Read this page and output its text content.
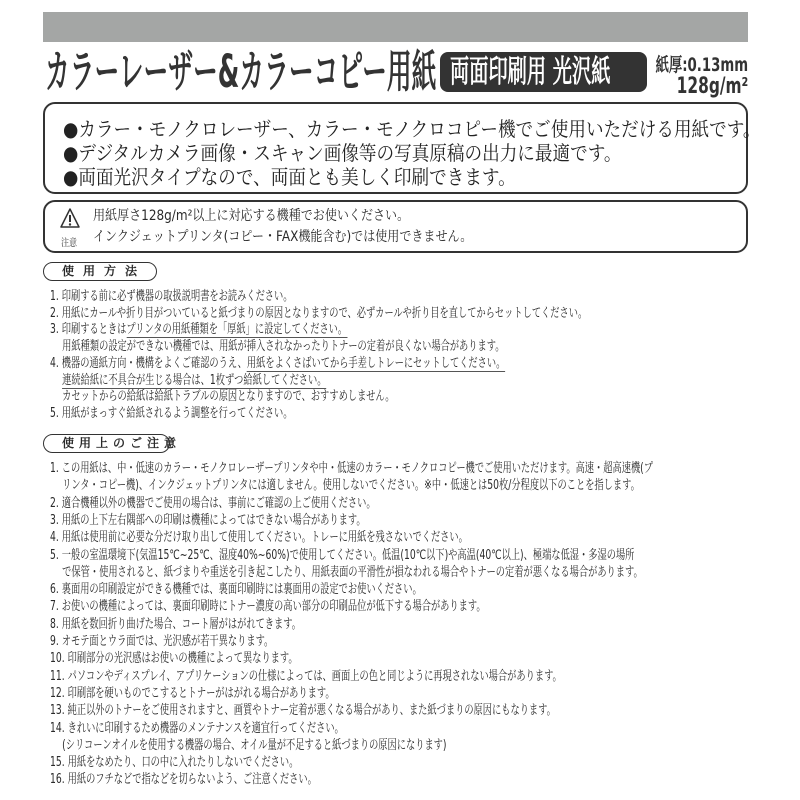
カラーレーザー&カラーコピー用紙 両面印刷用 光沢紙 紙厚:0.13mm
128g/m²
●カラー・モノクロレーザー、カラー・モノクロコピー機でご使用いただける用紙です。
●デジタルカメラ画像・スキャン画像等の写真原稿の出力に最適です。
●両面光沢タイプなので、両面とも美しく印刷できます。
注意
用紙厚さ128g/m²以上に対応する機種でお使いください。
インクジェットプリンタ(コピー・FAX機能含む)では使用できません。
使用方法
1. 印刷する前に必ず機器の取扱説明書をお読みください。
2. 用紙にカールや折り目がついていると紙づまりの原因となりますので、必ずカールや折り目を直してからセットしてください。
3. 印刷するときはプリンタの用紙種類を「厚紙」に設定してください。
　 用紙種類の設定ができない機種では、用紙が挿入されなかったりトナーの定着が良くない場合があります。
4. 機器の通紙方向・機構をよくご確認のうえ、用紙をよくさばいてから手差しトレーにセットしてください。
　 連続給紙に不具合が生じる場合は、1枚ずつ給紙してください。
　 カセットからの給紙は給紙トラブルの原因となりますので、おすすめしません。
5. 用紙がまっすぐ給紙されるよう調整を行ってください。
使用上のご注意
1. この用紙は、中・低速のカラー・モノクロレーザープリンタや中・低速のカラー・モノクロコピー機でご使用いただけます。高速・超高速機(プ
　 リンタ・コピー機)、インクジェットプリンタには適しません。使用しないでください。※中・低速とは50枚/分程度以下のことを指します。
2. 適合機種以外の機器でご使用の場合は、事前にご確認の上ご使用ください。
3. 用紙の上下左右隅部への印刷は機種によってはできない場合があります。
4. 用紙は使用前に必要な分だけ取り出して使用してください。トレーに用紙を残さないでください。
5. 一般の室温環境下(気温15℃~25℃、湿度40%~60%)で使用してください。低温(10℃以下)や高温(40℃以上)、極端な低湿・多湿の場所
　 で保管・使用されると、紙づまりや重送を引き起こしたり、用紙表面の平滑性が損なわれる場合やトナーの定着が悪くなる場合があります。
6. 裏面用の印刷設定ができる機種では、裏面印刷時には裏面用の設定でお使いください。
7. お使いの機種によっては、裏面印刷時にトナー濃度の高い部分の印刷品位が低下する場合があります。
8. 用紙を数回折り曲げた場合、コート層がはがれてきます。
9. オモテ面とウラ面では、光沢感が若干異なります。
10. 印刷部分の光沢感はお使いの機種によって異なります。
11. パソコンやディスプレイ、アプリケーションの仕様によっては、画面上の色と同じように再現されない場合があります。
12. 印刷部を硬いものでこするとトナーがはがれる場合があります。
13. 純正以外のトナーをご使用されますと、画質やトナー定着が悪くなる場合があり、また紙づまりの原因にもなります。
14. きれいに印刷するため機器のメンテナンスを適宜行ってください。
　 (シリコーンオイルを使用する機器の場合、オイル量が不足すると紙づまりの原因になります)
15. 用紙をなめたり、口の中に入れたりしないでください。
16. 用紙のフチなどで指などを切らないよう、ご注意ください。
